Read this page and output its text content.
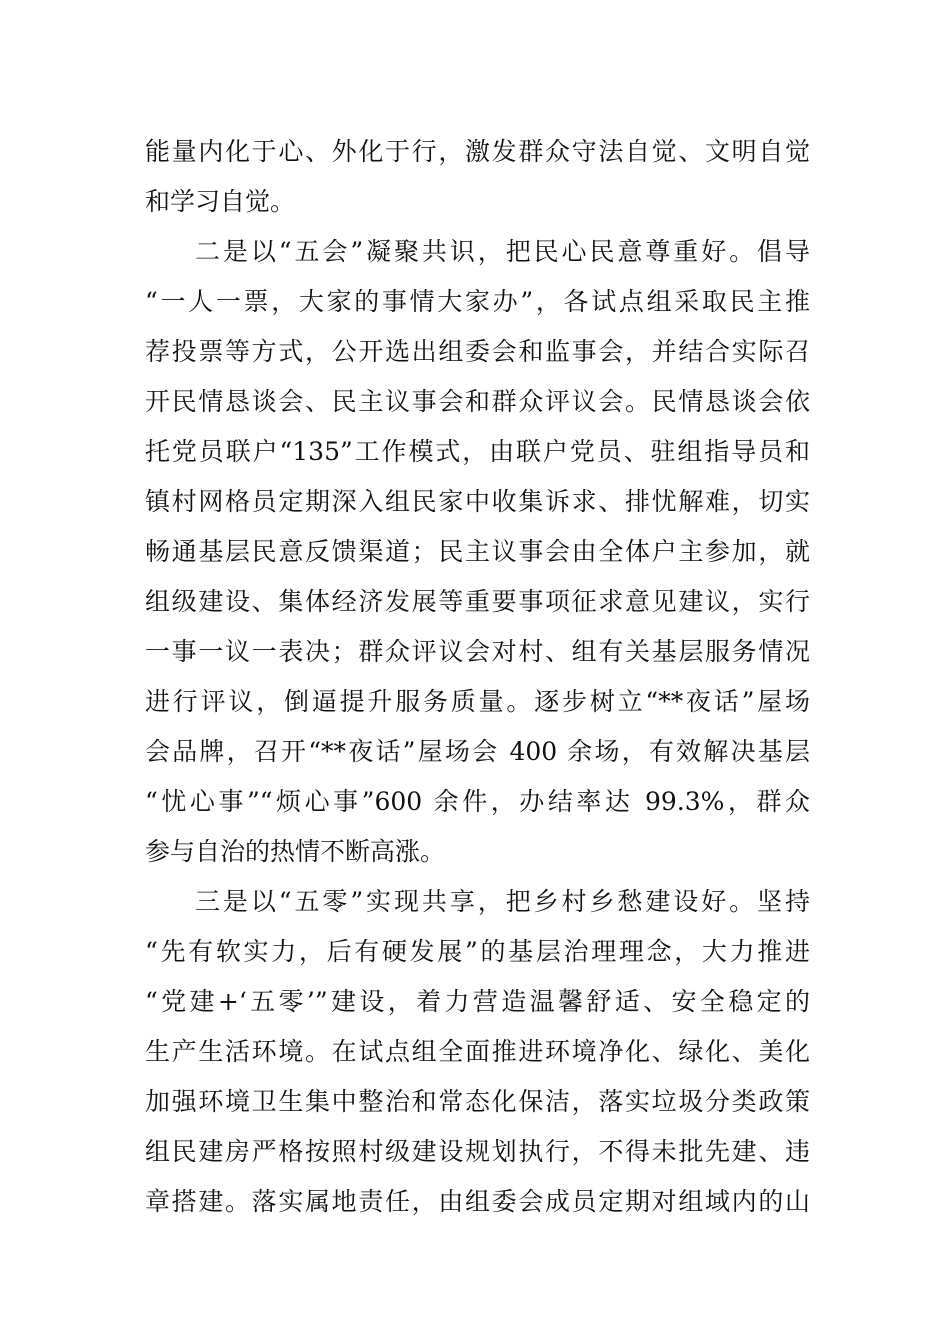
能量内化于心、外化于行，激发群众守法自觉、文明自觉
和学习自觉。
二是以“五会”凝聚共识，把民心民意尊重好。倡导
“一人一票，大家的事情大家办”，各试点组采取民主推
荐投票等方式，公开选出组委会和监事会，并结合实际召
开民情恳谈会、民主议事会和群众评议会。民情恳谈会依
托党员联户“135”工作模式，由联户党员、驻组指导员和
镇村网格员定期深入组民家中收集诉求、排忧解难，切实
畅通基层民意反馈渠道；民主议事会由全体户主参加，就
组级建设、集体经济发展等重要事项征求意见建议，实行
一事一议一表决；群众评议会对村、组有关基层服务情况
进行评议，倒逼提升服务质量。逐步树立“**夜话”屋场
会品牌，召开“**夜话”屋场会 400 余场，有效解决基层
“忧心事”“烦心事”600 余件，办结率达 99.3%，群众
参与自治的热情不断高涨。
三是以“五零”实现共享，把乡村乡愁建设好。坚持
“先有软实力，后有硬发展”的基层治理理念，大力推进
“党建+‘五零’”建设，着力营造温馨舒适、安全稳定的
生产生活环境。在试点组全面推进环境净化、绿化、美化
加强环境卫生集中整治和常态化保洁，落实垃圾分类政策
组民建房严格按照村级建设规划执行，不得未批先建、违
章搭建。落实属地责任，由组委会成员定期对组域内的山
